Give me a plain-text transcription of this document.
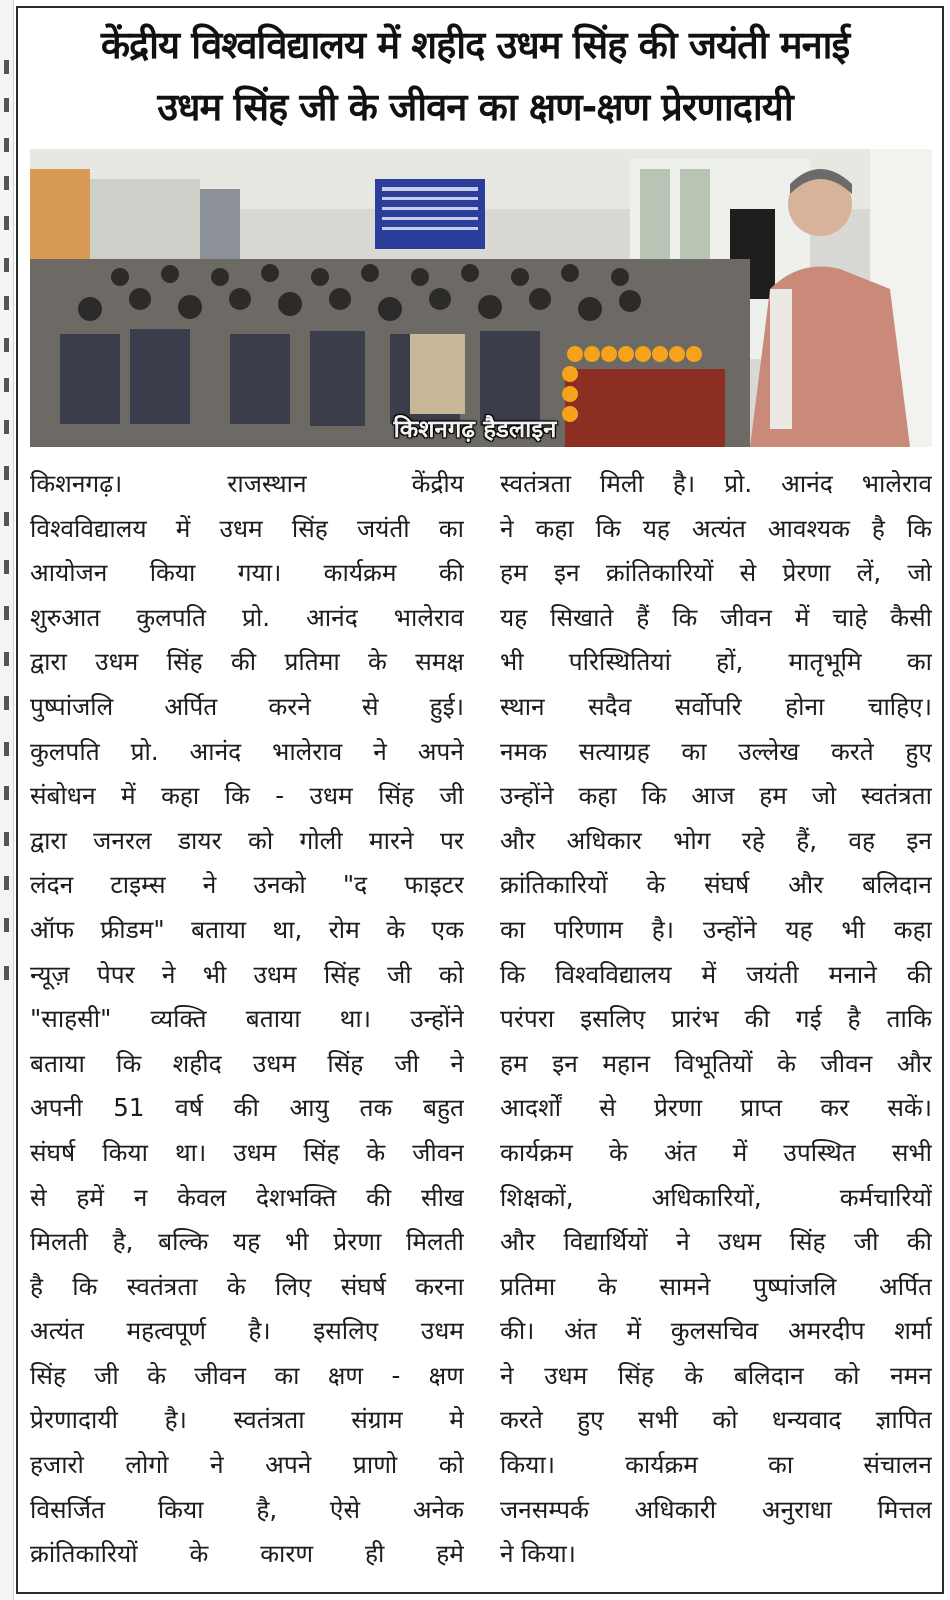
केंद्रीय विश्वविद्यालय में शहीद उधम सिंह की जयंती मनाई
उधम सिंह जी के जीवन का क्षण-क्षण प्रेरणादायी
किशनगढ़ हैडलाइन
किशनगढ़।	राजस्थान	केंद्रीय
विश्वविद्यालय में उधम सिंह जयंती का
आयोजन किया गया। कार्यक्रम की
शुरुआत कुलपति प्रो. आनंद भालेराव
द्वारा उधम सिंह की प्रतिमा के समक्ष
पुष्पांजलि अर्पित करने से हुई।
कुलपति प्रो. आनंद भालेराव ने अपने
संबोधन में कहा कि - उधम सिंह जी
द्वारा जनरल डायर को गोली मारने पर
लंदन टाइम्स ने उनको "द फाइटर
ऑफ फ्रीडम" बताया था, रोम के एक
न्यूज़ पेपर ने भी उधम सिंह जी को
"साहसी" व्यक्ति बताया था। उन्होंने
बताया कि शहीद उधम सिंह जी ने
अपनी 51 वर्ष की आयु तक बहुत
संघर्ष किया था। उधम सिंह के जीवन
से हमें न केवल देशभक्ति की सीख
मिलती है, बल्कि यह भी प्रेरणा मिलती
है कि स्वतंत्रता के लिए संघर्ष करना
अत्यंत महत्वपूर्ण है। इसलिए उधम
सिंह जी के जीवन का क्षण - क्षण
प्रेरणादायी है। स्वतंत्रता संग्राम मे
हजारो लोगो ने अपने प्राणो को
विसर्जित किया है, ऐसे अनेक
क्रांतिकारियों के कारण ही हमे
स्वतंत्रता मिली है। प्रो. आनंद भालेराव
ने कहा कि यह अत्यंत आवश्यक है कि
हम इन क्रांतिकारियों से प्रेरणा लें, जो
यह सिखाते हैं कि जीवन में चाहे कैसी
भी परिस्थितियां हों, मातृभूमि का
स्थान सदैव सर्वोपरि होना चाहिए।
नमक सत्याग्रह का उल्लेख करते हुए
उन्होंने कहा कि आज हम जो स्वतंत्रता
और अधिकार भोग रहे हैं, वह इन
क्रांतिकारियों के संघर्ष और बलिदान
का परिणाम है। उन्होंने यह भी कहा
कि विश्वविद्यालय में जयंती मनाने की
परंपरा इसलिए प्रारंभ की गई है ताकि
हम इन महान विभूतियों के जीवन और
आदर्शों से प्रेरणा प्राप्त कर सकें।
कार्यक्रम के अंत में उपस्थित सभी
शिक्षकों,	अधिकारियों,	कर्मचारियों
और विद्यार्थियों ने उधम सिंह जी की
प्रतिमा के सामने पुष्पांजलि अर्पित
की। अंत में कुलसचिव अमरदीप शर्मा
ने उधम सिंह के बलिदान को नमन
करते हुए सभी को धन्यवाद ज्ञापित
किया।	कार्यक्रम	का	संचालन
जनसम्पर्क अधिकारी अनुराधा मित्तल
ने किया।
